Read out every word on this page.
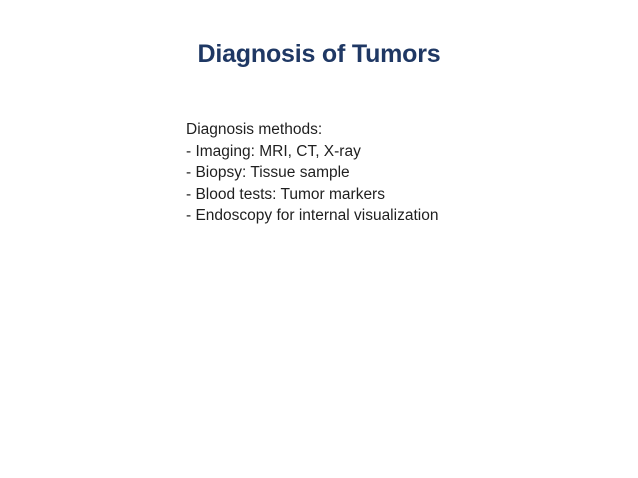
Diagnosis of Tumors
Diagnosis methods:
- Imaging: MRI, CT, X-ray
- Biopsy: Tissue sample
- Blood tests: Tumor markers
- Endoscopy for internal visualization
